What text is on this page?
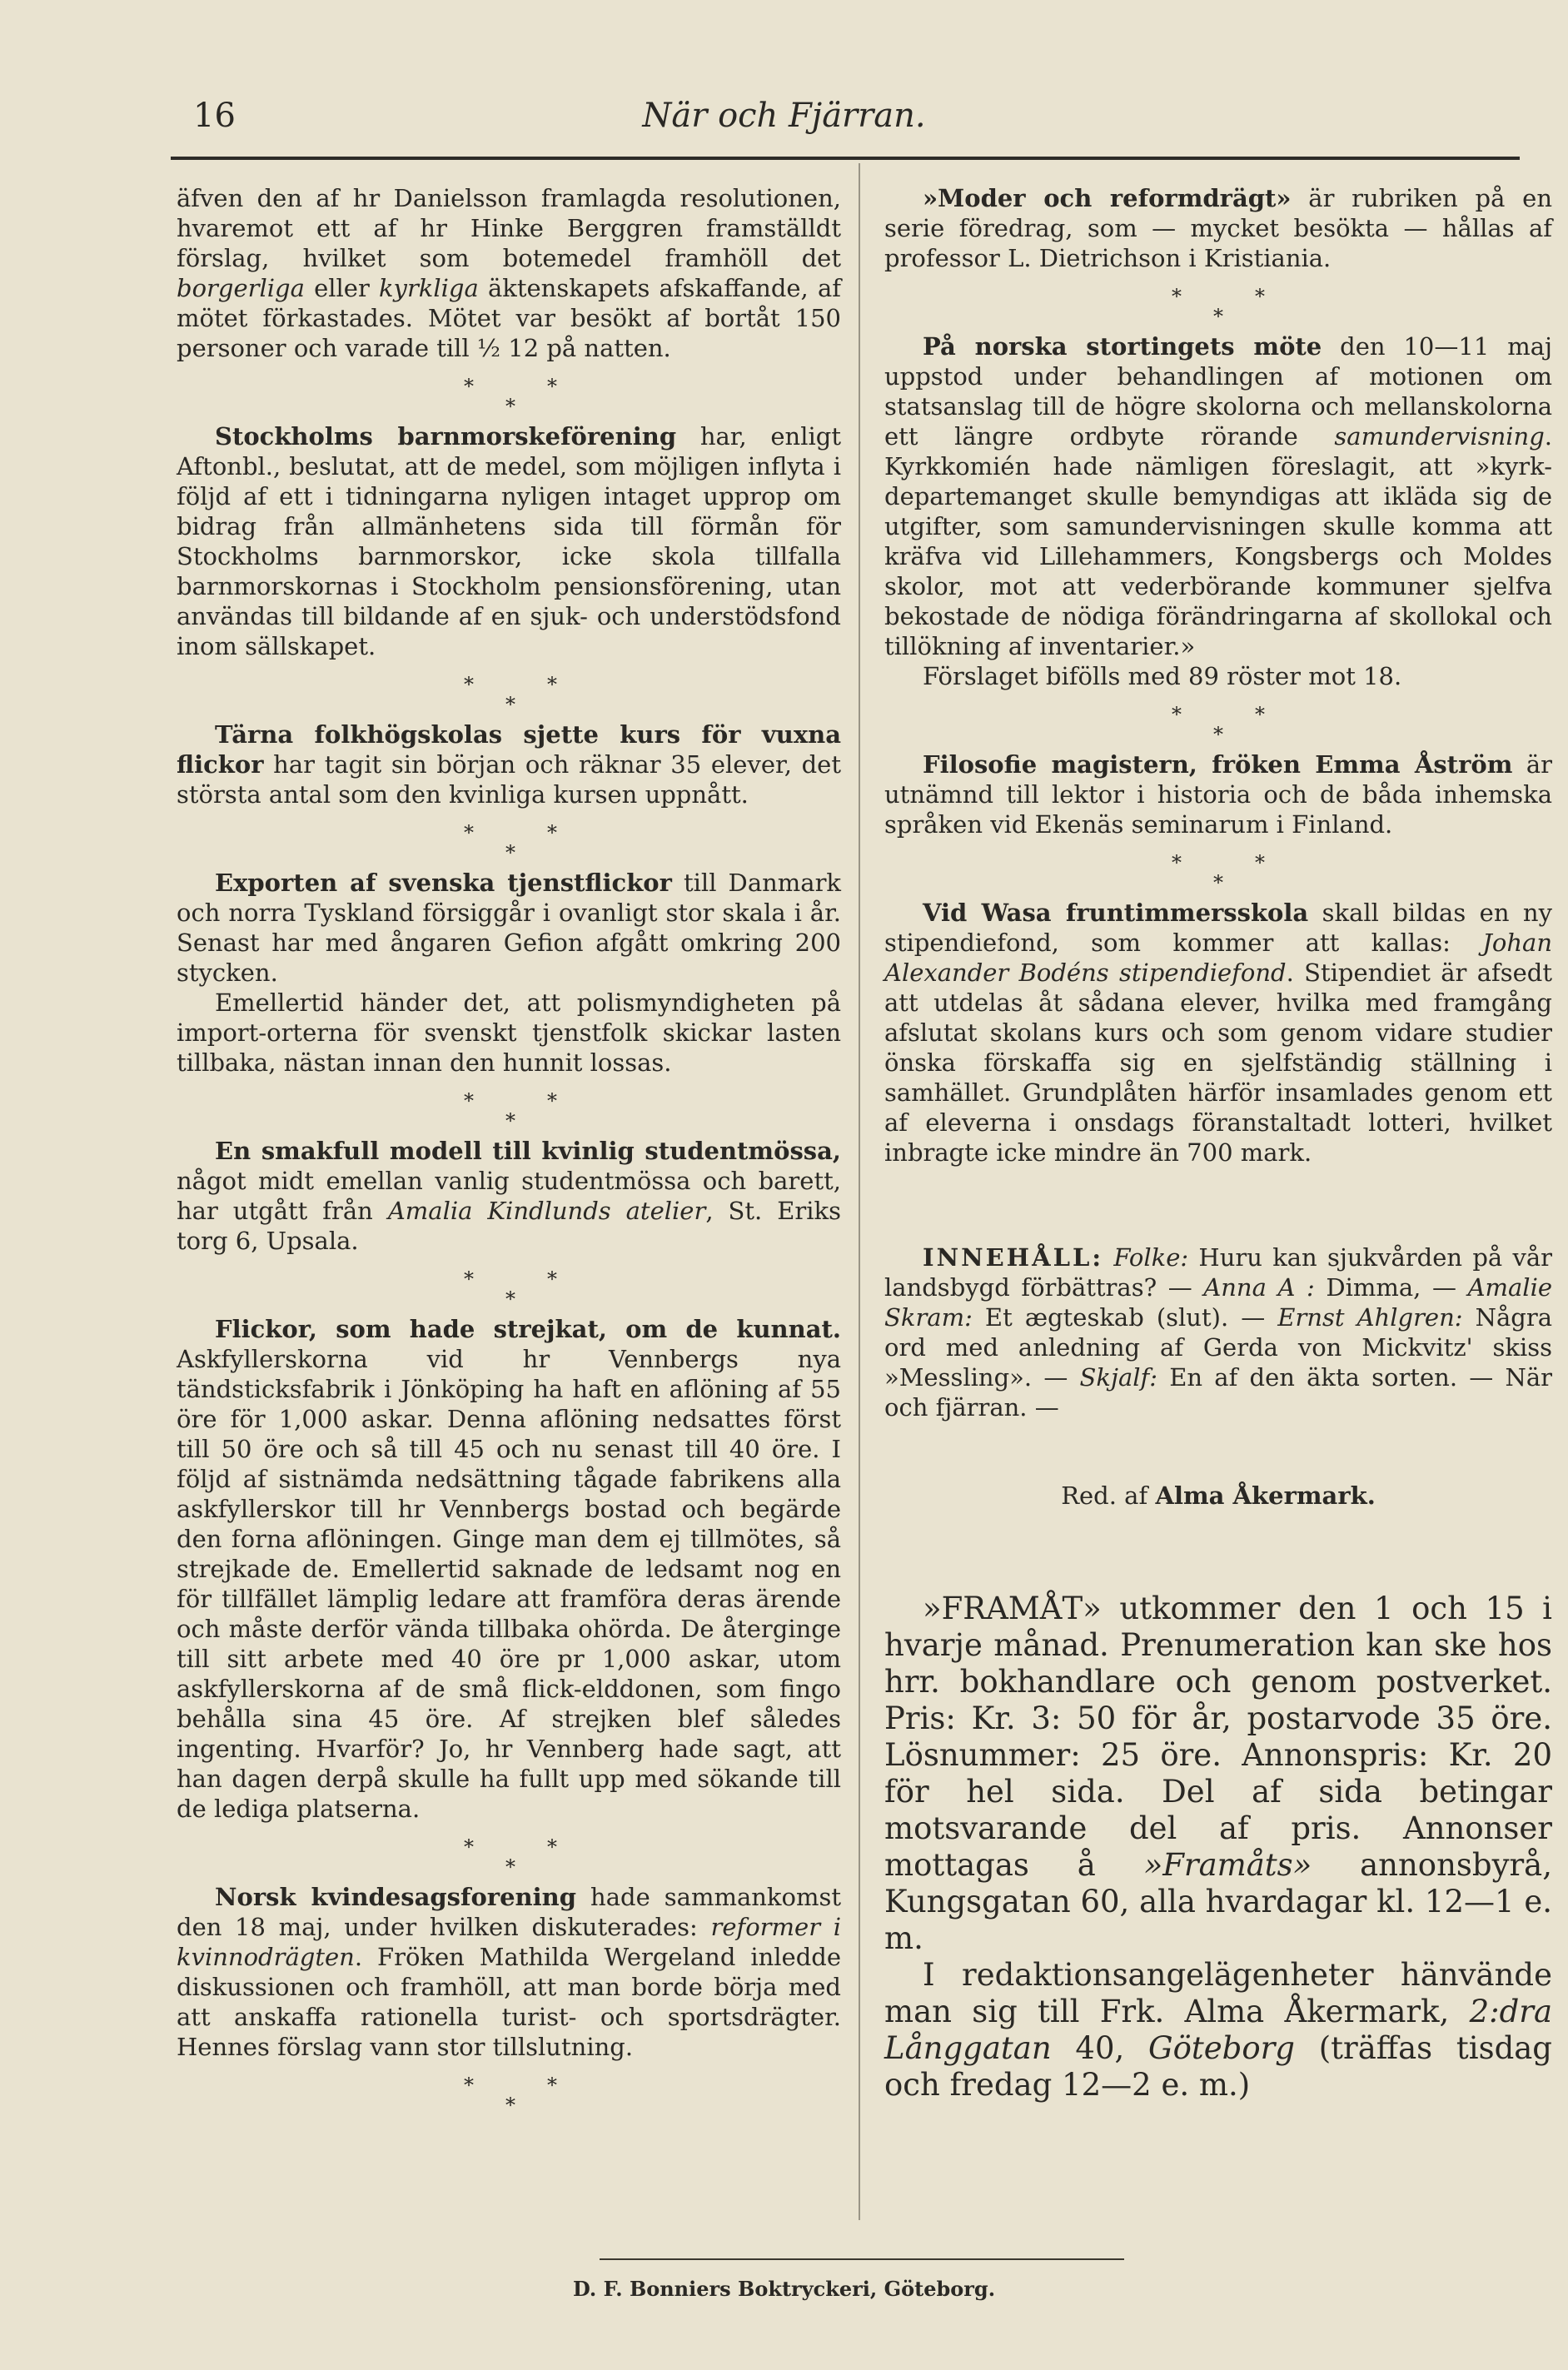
16	När och Fjärran.

äfven den af hr Danielsson framlagda resolutionen, hvaremot ett af hr Hinke Berggren framställdt förslag, hvilket som botemedel framhöll det borgerliga eller kyrkliga äktenskapets afskaffande, af mötet förkastades. Mötet var besökt af bortåt 150 personer och varade till ½ 12 på natten.

*
*
*

Stockholms barnmorskeförening har, enligt Aftonbl., beslutat, att de medel, som möjligen inflyta i följd af ett i tidningarna nyligen intaget upprop om bidrag från allmänhetens sida till förmån för Stockholms barnmorskor, icke skola tillfalla barnmorskornas i Stockholm pensionsförening, utan användas till bildande af en sjuk- och understödsfond inom sällskapet.

*
*
*

Tärna folkhögskolas sjette kurs för vuxna flickor har tagit sin början och räknar 35 elever, det största antal som den kvinliga kursen uppnått.

*
*
*

Exporten af svenska tjenstflickor till Danmark och norra Tyskland försiggår i ovanligt stor skala i år. Senast har med ångaren Gefion afgått omkring 200 stycken.

Emellertid händer det, att polismyndigheten på import-orterna för svenskt tjenstfolk skickar lasten tillbaka, nästan innan den hunnit lossas.

*
*
*

En smakfull modell till kvinlig studentmössa, något midt emellan vanlig studentmössa och barett, har utgått från Amalia Kindlunds atelier, St. Eriks torg 6, Upsala.

*
*
*

Flickor, som hade strejkat, om de kunnat. Askfyllerskorna vid hr Vennbergs nya tändsticksfabrik i Jönköping ha haft en aflöning af 55 öre för 1,000 askar. Denna aflöning nedsattes först till 50 öre och så till 45 och nu senast till 40 öre. I följd af sistnämda nedsättning tågade fabrikens alla askfyllerskor till hr Vennbergs bostad och begärde den forna aflöningen. Ginge man dem ej tillmötes, så strejkade de. Emellertid saknade de ledsamt nog en för tillfället lämplig ledare att framföra deras ärende och måste derför vända tillbaka ohörda. De återginge till sitt arbete med 40 öre pr 1,000 askar, utom askfyllerskorna af de små flick-elddonen, som fingo behålla sina 45 öre. Af strejken blef således ingenting. Hvarför? Jo, hr Vennberg hade sagt, att han dagen derpå skulle ha fullt upp med sökande till de lediga platserna.

*
*
*

Norsk kvindesagsforening hade sammankomst den 18 maj, under hvilken diskuterades: reformer i kvinnodrägten. Fröken Mathilda Wergeland inledde diskussionen och framhöll, att man borde börja med att anskaffa rationella turist- och sportsdrägter. Hennes förslag vann stor tillslutning.

*
*
*

»Moder och reformdrägt» är rubriken på en serie föredrag, som — mycket besökta — hållas af professor L. Dietrichson i Kristiania.

*
*
*

På norska stortingets möte den 10—11 maj uppstod under behandlingen af motionen om statsanslag till de högre skolorna och mellanskolorna ett längre ordbyte rörande samundervisning. Kyrkkomién hade nämligen föreslagit, att »kyrk-departemanget skulle bemyndigas att ikläda sig de utgifter, som samundervisningen skulle komma att kräfva vid Lillehammers, Kongsbergs och Moldes skolor, mot att vederbörande kommuner sjelfva bekostade de nödiga förändringarna af skollokal och tillökning af inventarier.»

Förslaget bifölls med 89 röster mot 18.

*
*
*

Filosofie magistern, fröken Emma Åström är utnämnd till lektor i historia och de båda inhemska språken vid Ekenäs seminarum i Finland.

*
*
*

Vid Wasa fruntimmersskola skall bildas en ny stipendiefond, som kommer att kallas: Johan Alexander Bodéns stipendiefond. Stipendiet är afsedt att utdelas åt sådana elever, hvilka med framgång afslutat skolans kurs och som genom vidare studier önska förskaffa sig en sjelfständig ställning i samhället. Grundplåten härför insamlades genom ett af eleverna i onsdags föranstaltadt lotteri, hvilket inbragte icke mindre än 700 mark.

INNEHÅLL: Folke: Huru kan sjukvården på vår landsbygd förbättras? — Anna A : Dimma, — Amalie Skram: Et ægteskab (slut). — Ernst Ahlgren: Några ord med anledning af Gerda von Mickvitz' skiss »Messling». — Skjalf: En af den äkta sorten. — När och fjärran. —

Red. af Alma Åkermark.

»FRAMÅT» utkommer den 1 och 15 i hvarje månad. Prenumeration kan ske hos hrr. bokhandlare och genom postverket. Pris: Kr. 3: 50 för år, postarvode 35 öre. Lösnummer: 25 öre. Annonspris: Kr. 20 för hel sida. Del af sida betingar motsvarande del af pris. Annonser mottagas å »Framåts» annonsbyrå, Kungsgatan 60, alla hvardagar kl. 12—1 e. m.

I redaktionsangelägenheter hänvände man sig till Frk. Alma Åkermark, 2:dra Långgatan 40, Göteborg (träffas tisdag och fredag 12—2 e. m.)

D. F. Bonniers Boktryckeri, Göteborg.
